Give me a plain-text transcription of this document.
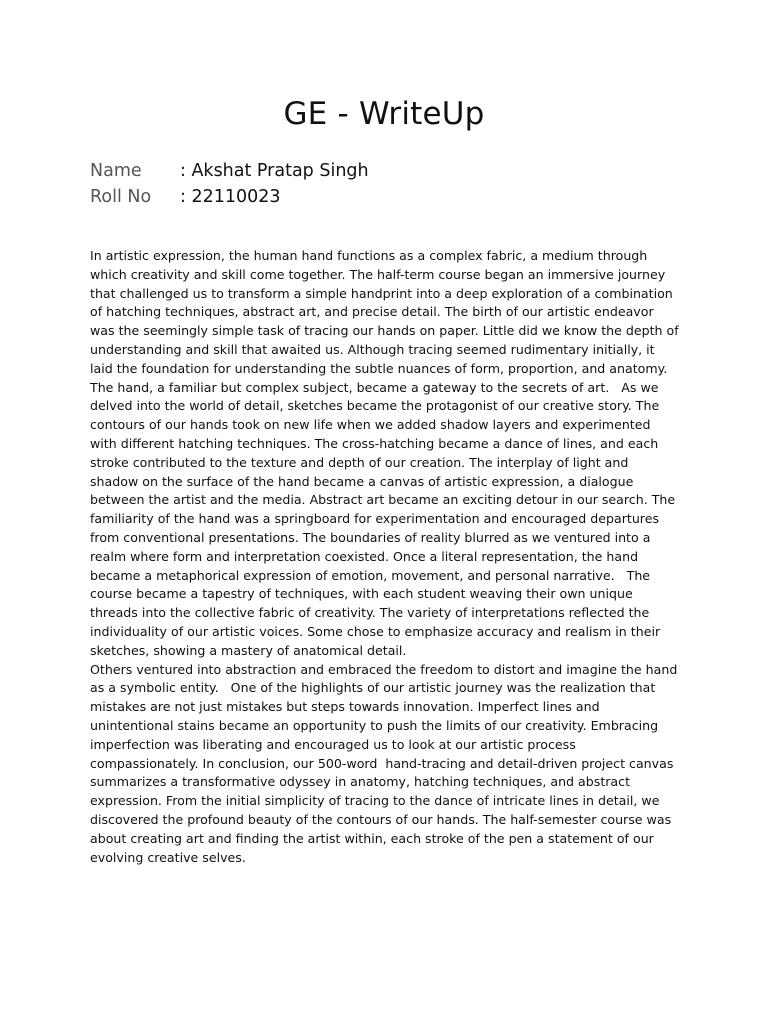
GE - WriteUp
Name : Akshat Pratap Singh
Roll No : 22110023

In artistic expression, the human hand functions as a complex fabric, a medium through which creativity and skill come together. The half-term course began an immersive journey that challenged us to transform a simple handprint into a deep exploration of a combination of hatching techniques, abstract art, and precise detail. The birth of our artistic endeavor was the seemingly simple task of tracing our hands on paper. Little did we know the depth of understanding and skill that awaited us. Although tracing seemed rudimentary initially, it laid the foundation for understanding the subtle nuances of form, proportion, and anatomy. The hand, a familiar but complex subject, became a gateway to the secrets of art.   As we delved into the world of detail, sketches became the protagonist of our creative story. The contours of our hands took on new life when we added shadow layers and experimented with different hatching techniques. The cross-hatching became a dance of lines, and each stroke contributed to the texture and depth of our creation. The interplay of light and shadow on the surface of the hand became a canvas of artistic expression, a dialogue between the artist and the media. Abstract art became an exciting detour in our search. The familiarity of the hand was a springboard for experimentation and encouraged departures from conventional presentations. The boundaries of reality blurred as we ventured into a realm where form and interpretation coexisted. Once a literal representation, the hand became a metaphorical expression of emotion, movement, and personal narrative.   The course became a tapestry of techniques, with each student weaving their own unique threads into the collective fabric of creativity. The variety of interpretations reflected the individuality of our artistic voices. Some chose to emphasize accuracy and realism in their sketches, showing a mastery of anatomical detail.

Others ventured into abstraction and embraced the freedom to distort and imagine the hand as a symbolic entity.   One of the highlights of our artistic journey was the realization that mistakes are not just mistakes but steps towards innovation. Imperfect lines and unintentional stains became an opportunity to push the limits of our creativity. Embracing imperfection was liberating and encouraged us to look at our artistic process compassionately. In conclusion, our 500-word  hand-tracing and detail-driven project canvas summarizes a transformative odyssey in anatomy, hatching techniques, and abstract expression. From the initial simplicity of tracing to the dance of intricate lines in detail, we discovered the profound beauty of the contours of our hands. The half-semester course was about creating art and finding the artist within, each stroke of the pen a statement of our evolving creative selves.
